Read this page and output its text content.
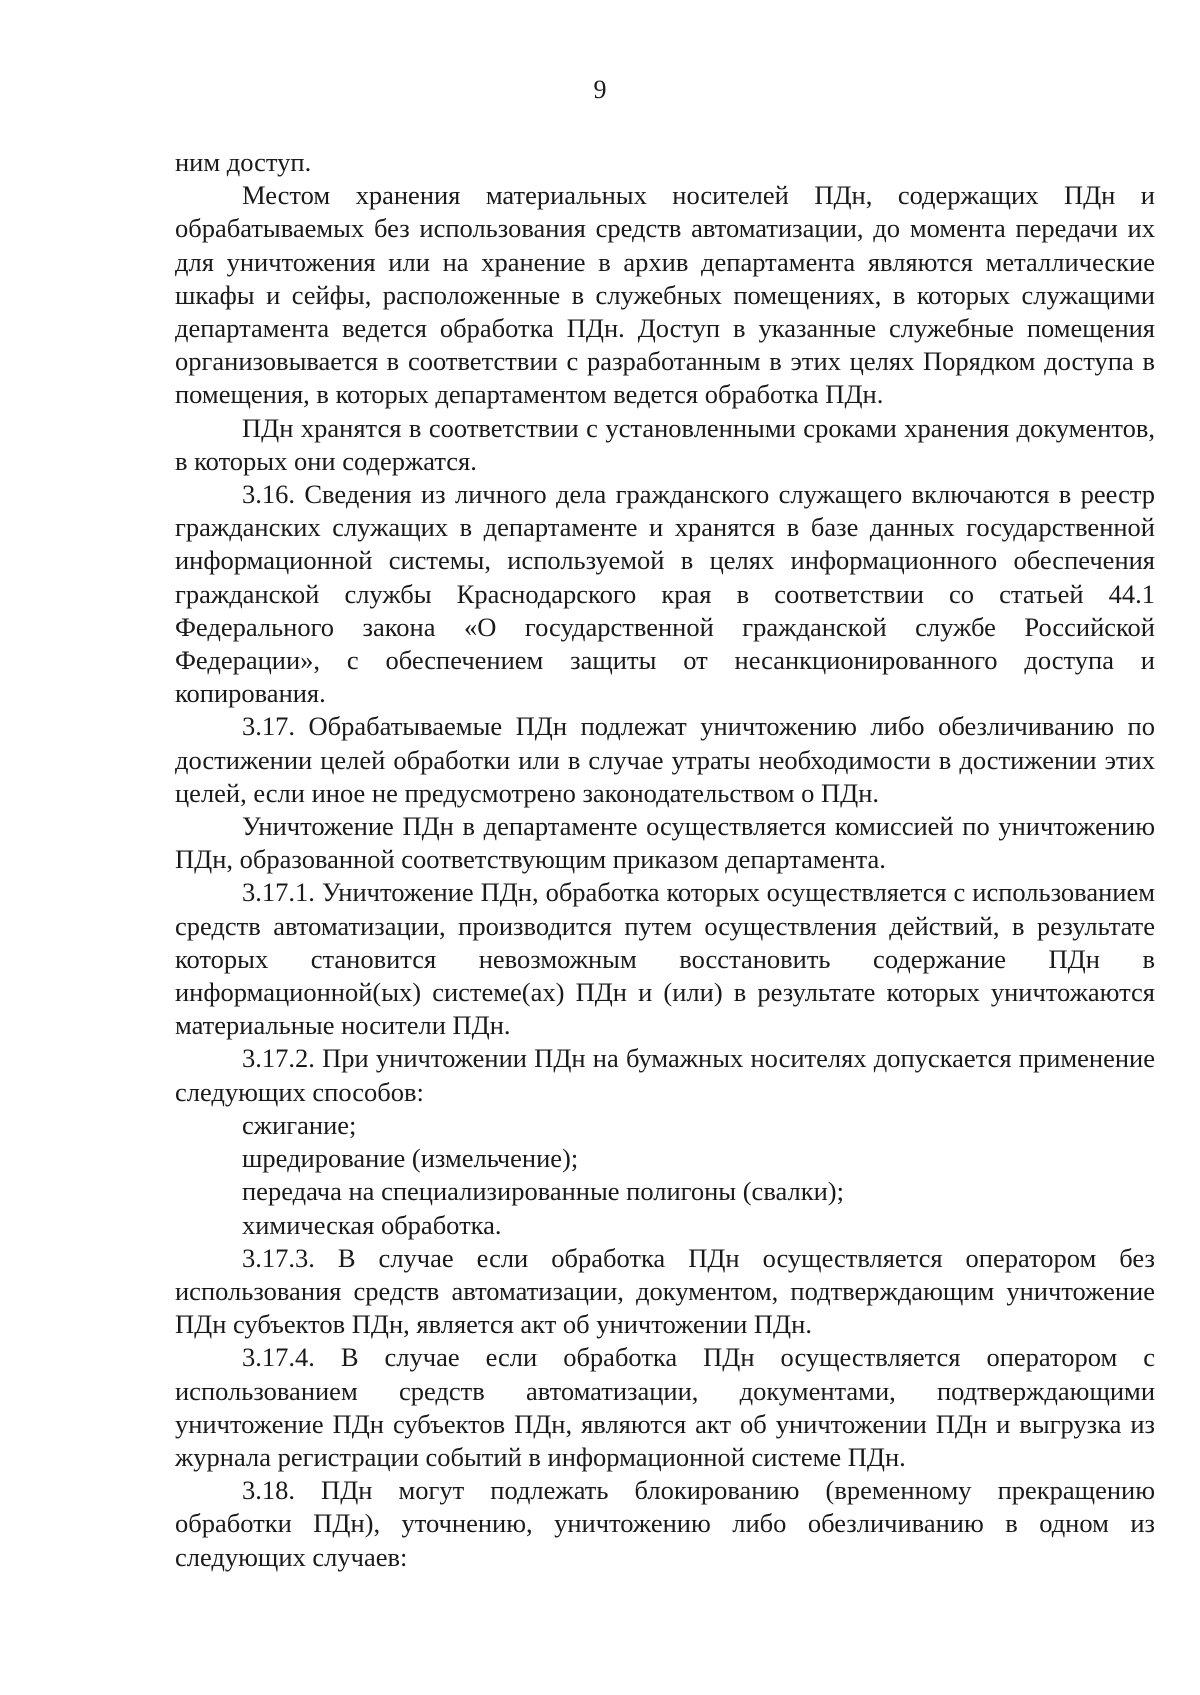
9

ним доступ.

Местом хранения материальных носителей ПДн, содержащих ПДн и обрабатываемых без использования средств автоматизации, до момента передачи их для уничтожения или на хранение в архив департамента являются металлические шкафы и сейфы, расположенные в служебных помещениях, в которых служащими департамента ведется обработка ПДн. Доступ в указанные служебные помещения организовывается в соответствии с разработанным в этих целях Порядком доступа в помещения, в которых департаментом ведется обработка ПДн.

ПДн хранятся в соответствии с установленными сроками хранения документов, в которых они содержатся.

3.16. Сведения из личного дела гражданского служащего включаются в реестр гражданских служащих в департаменте и хранятся в базе данных государственной информационной системы, используемой в целях информационного обеспечения гражданской службы Краснодарского края в соответствии со статьей 44.1 Федерального закона «О государственной гражданской службе Российской Федерации», с обеспечением защиты от несанкционированного доступа и копирования.

3.17. Обрабатываемые ПДн подлежат уничтожению либо обезличиванию по достижении целей обработки или в случае утраты необходимости в достижении этих целей, если иное не предусмотрено законодательством о ПДн.

Уничтожение ПДн в департаменте осуществляется комиссией по уничтожению ПДн, образованной соответствующим приказом департамента.

3.17.1. Уничтожение ПДн, обработка которых осуществляется с использованием средств автоматизации, производится путем осуществления действий, в результате которых становится невозможным восстановить содержание ПДн в информационной(ых) системе(ах) ПДн и (или) в результате которых уничтожаются материальные носители ПДн.

3.17.2. При уничтожении ПДн на бумажных носителях допускается применение следующих способов:

сжигание;

шредирование (измельчение);

передача на специализированные полигоны (свалки);

химическая обработка.

3.17.3. В случае если обработка ПДн осуществляется оператором без использования средств автоматизации, документом, подтверждающим уничтожение ПДн субъектов ПДн, является акт об уничтожении ПДн.

3.17.4. В случае если обработка ПДн осуществляется оператором с использованием средств автоматизации, документами, подтверждающими уничтожение ПДн субъектов ПДн, являются акт об уничтожении ПДн и выгрузка из журнала регистрации событий в информационной системе ПДн.

3.18. ПДн могут подлежать блокированию (временному прекращению обработки ПДн), уточнению, уничтожению либо обезличиванию в одном из следующих случаев:
